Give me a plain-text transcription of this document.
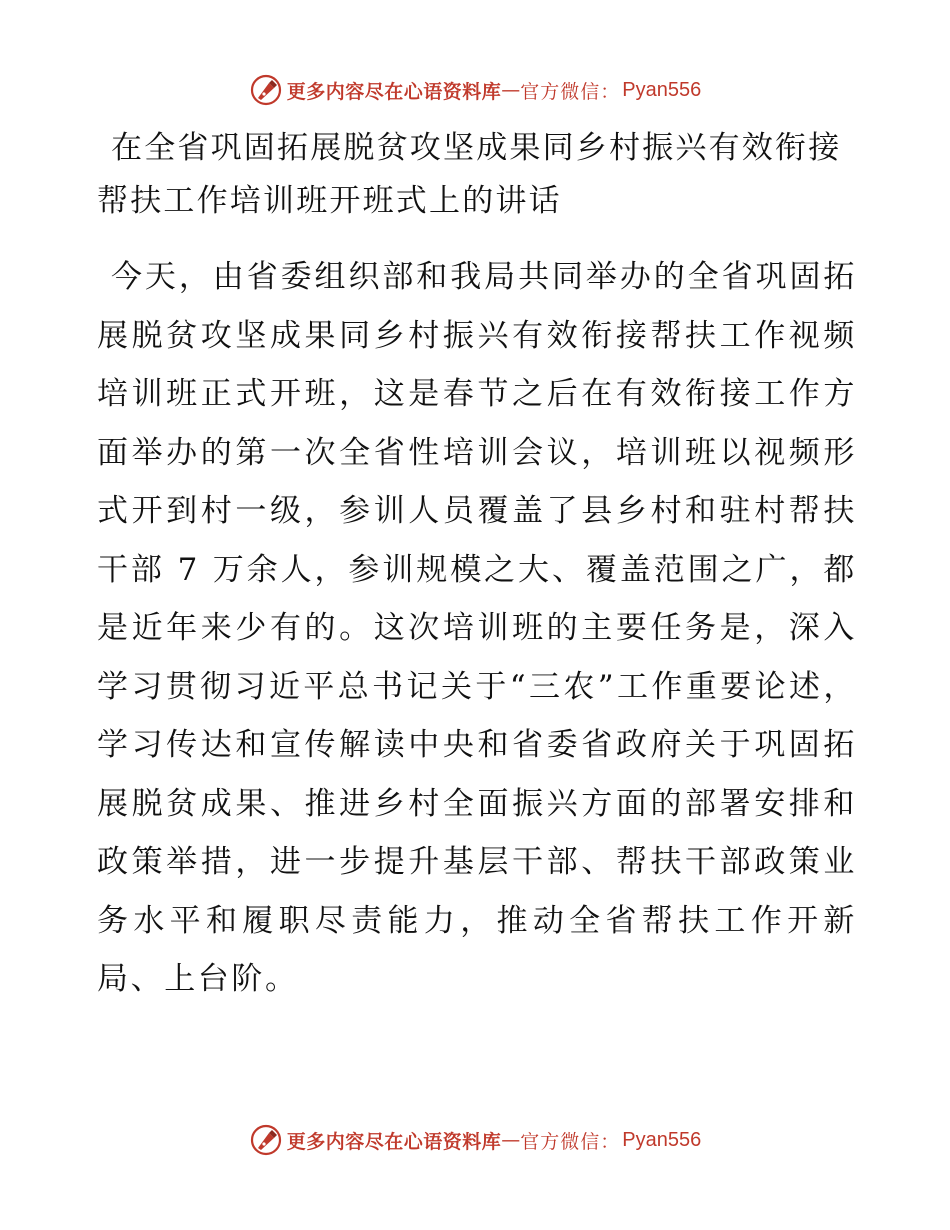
更多内容尽在心语资料库 — 官方微信： Pyan556
在全省巩固拓展脱贫攻坚成果同乡村振兴有效衔接帮扶工作培训班开班式上的讲话

今天，由省委组织部和我局共同举办的全省巩固拓展脱贫攻坚成果同乡村振兴有效衔接帮扶工作视频培训班正式开班，这是春节之后在有效衔接工作方面举办的第一次全省性培训会议，培训班以视频形式开到村一级，参训人员覆盖了县乡村和驻村帮扶干部 7 万余人，参训规模之大、覆盖范围之广，都是近年来少有的。这次培训班的主要任务是，深入学习贯彻习近平总书记关于“三农”工作重要论述，学习传达和宣传解读中央和省委省政府关于巩固拓展脱贫成果、推进乡村全面振兴方面的部署安排和政策举措，进一步提升基层干部、帮扶干部政策业务水平和履职尽责能力，推动全省帮扶工作开新局、上台阶。

更多内容尽在心语资料库 — 官方微信： Pyan556
